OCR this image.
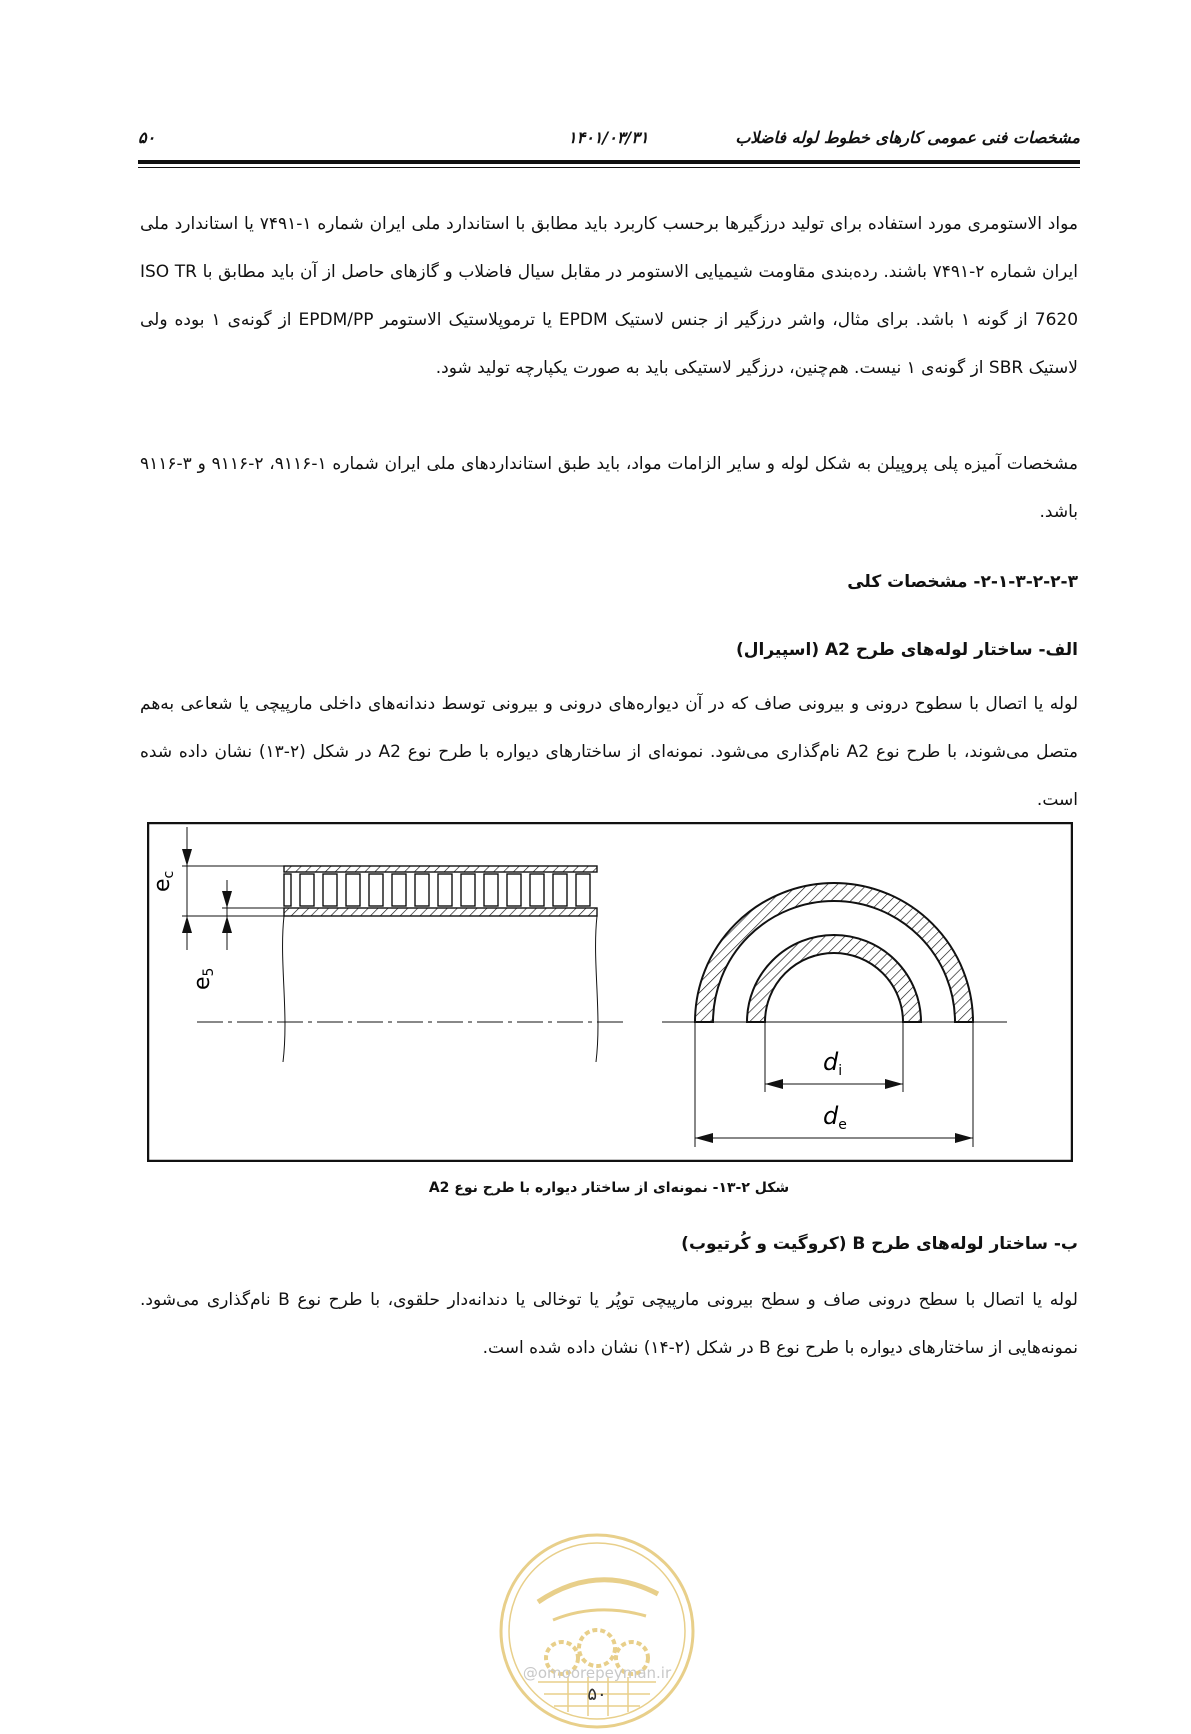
مشخصات فنی عمومی کارهای خطوط لوله فاضلاب
۱۴۰۱/۰۳/۳۱
۵۰

مواد الاستومری مورد استفاده برای تولید درزگیرها برحسب کاربرد باید مطابق با استاندارد ملی ایران شماره ۱-۷۴۹۱ یا استاندارد ملی ایران شماره ۲-۷۴۹۱ باشند. رده‌بندی مقاومت شیمیایی الاستومر در مقابل سیال فاضلاب و گازهای حاصل از آن باید مطابق با ISO TR 7620 از گونه ۱ باشد. برای مثال، واشر درزگیر از جنس لاستیک EPDM یا ترموپلاستیک الاستومر EPDM/PP از گونه‌ی ۱ بوده ولی لاستیک SBR از گونه‌ی ۱ نیست. هم‌چنین، درزگیر لاستیکی باید به صورت یکپارچه تولید شود.

مشخصات آمیزه پلی پروپیلن به شکل لوله و سایر الزامات مواد، باید طبق استانداردهای ملی ایران شماره ۱-۹۱۱۶، ۲-۹۱۱۶ و ۳-۹۱۱۶ باشد.

۲-۱-۳-۲-۲-۳- مشخصات کلی
الف- ساختار لوله‌های طرح A2 (اسپیرال)

لوله یا اتصال با سطوح درونی و بیرونی صاف که در آن دیواره‌های درونی و بیرونی توسط دندانه‌های داخلی مارپیچی یا شعاعی به‌هم متصل می‌شوند، با طرح نوع A2 نام‌گذاری می‌شود. نمونه‌ای از ساختارهای دیواره با طرح نوع A2 در شکل (۲-۱۳) نشان داده شده است.

ec
e5
$d_i$
$d_e$
شکل ۲-۱۳- نمونه‌ای از ساختار دیواره با طرح نوع A2
ب- ساختار لوله‌های طرح B (کروگیت و کُرتیوب)

لوله یا اتصال با سطح درونی صاف و سطح بیرونی مارپیچی توپُر یا توخالی یا دندانه‌دار حلقوی، با طرح نوع B نام‌گذاری می‌شود. نمونه‌هایی از ساختارهای دیواره با طرح نوع B در شکل (۲-۱۴) نشان داده شده است.

۵۰
@omoorepeyman.ir
